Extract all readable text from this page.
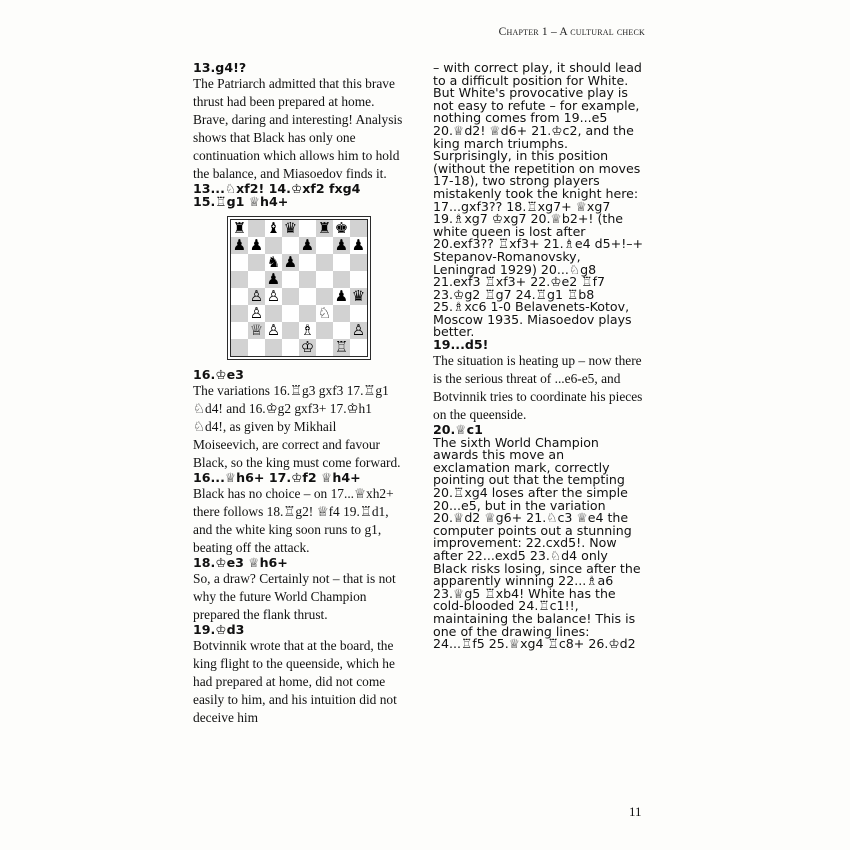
Chapter 1 – A cultural check

13.g4!?

The Patriarch admitted that this brave thrust had been prepared at home. Brave, daring and interesting! Analysis shows that Black has only one continuation which allows him to hold the balance, and Miasoedov finds it.

13...♘xf2! 14.♔xf2 fxg4 15.♖g1 ♕h4+

♜ ♝ ♛ ♜ ♚
♟ ♟	♟ ♟ ♟
♞ ♟
♟
♙ ♙	♟ ♛
♙	♘
♕ ♙ ♗	♙
♔ ♖

16.♔e3

The variations 16.♖g3 gxf3 17.♖g1 ♘d4! and 16.♔g2 gxf3+ 17.♔h1 ♘d4!, as given by Mikhail Moiseevich, are correct and favour Black, so the king must come forward.

16...♕h6+ 17.♔f2 ♕h4+

Black has no choice – on 17...♕xh2+ there follows 18.♖g2! ♕f4 19.♖d1, and the white king soon runs to g1, beating off the attack.

18.♔e3 ♕h6+

So, a draw? Certainly not – that is not why the future World Champion prepared the flank thrust.

19.♔d3

Botvinnik wrote that at the board, the king flight to the queenside, which he had prepared at home, did not come easily to him, and his intuition did not deceive him

– with correct play, it should lead to a difficult position for White. But White's provocative play is not easy to refute – for example, nothing comes from 19...e5 20.♕d2! ♕d6+ 21.♔c2, and the king march triumphs. Surprisingly, in this position (without the repetition on moves 17-18), two strong players mistakenly took the knight here: 17...gxf3?? 18.♖xg7+ ♕xg7 19.♗xg7 ♔xg7 20.♕b2+! (the white queen is lost after 20.exf3?? ♖xf3+ 21.♗e4 d5+!–+ Stepanov-Romanovsky, Leningrad 1929) 20...♘g8 21.exf3 ♖xf3+ 22.♔e2 ♖f7 23.♔g2 ♖g7 24.♖g1 ♖b8 25.♗xc6 1-0 Belavenets-Kotov, Moscow 1935. Miasoedov plays better.

19...d5!

The situation is heating up – now there is the serious threat of ...e6-e5, and Botvinnik tries to coordinate his pieces on the queenside.

20.♕c1

The sixth World Champion awards this move an exclamation mark, correctly pointing out that the tempting 20.♖xg4 loses after the simple 20...e5, but in the variation 20.♕d2 ♕g6+ 21.♘c3 ♕e4 the computer points out a stunning improvement: 22.cxd5!. Now after 22...exd5 23.♘d4 only Black risks losing, since after the apparently winning 22...♗a6 23.♕g5 ♖xb4! White has the cold-blooded 24.♖c1!!, maintaining the balance! This is one of the drawing lines: 24...♖f5 25.♕xg4 ♖c8+ 26.♔d2

11
